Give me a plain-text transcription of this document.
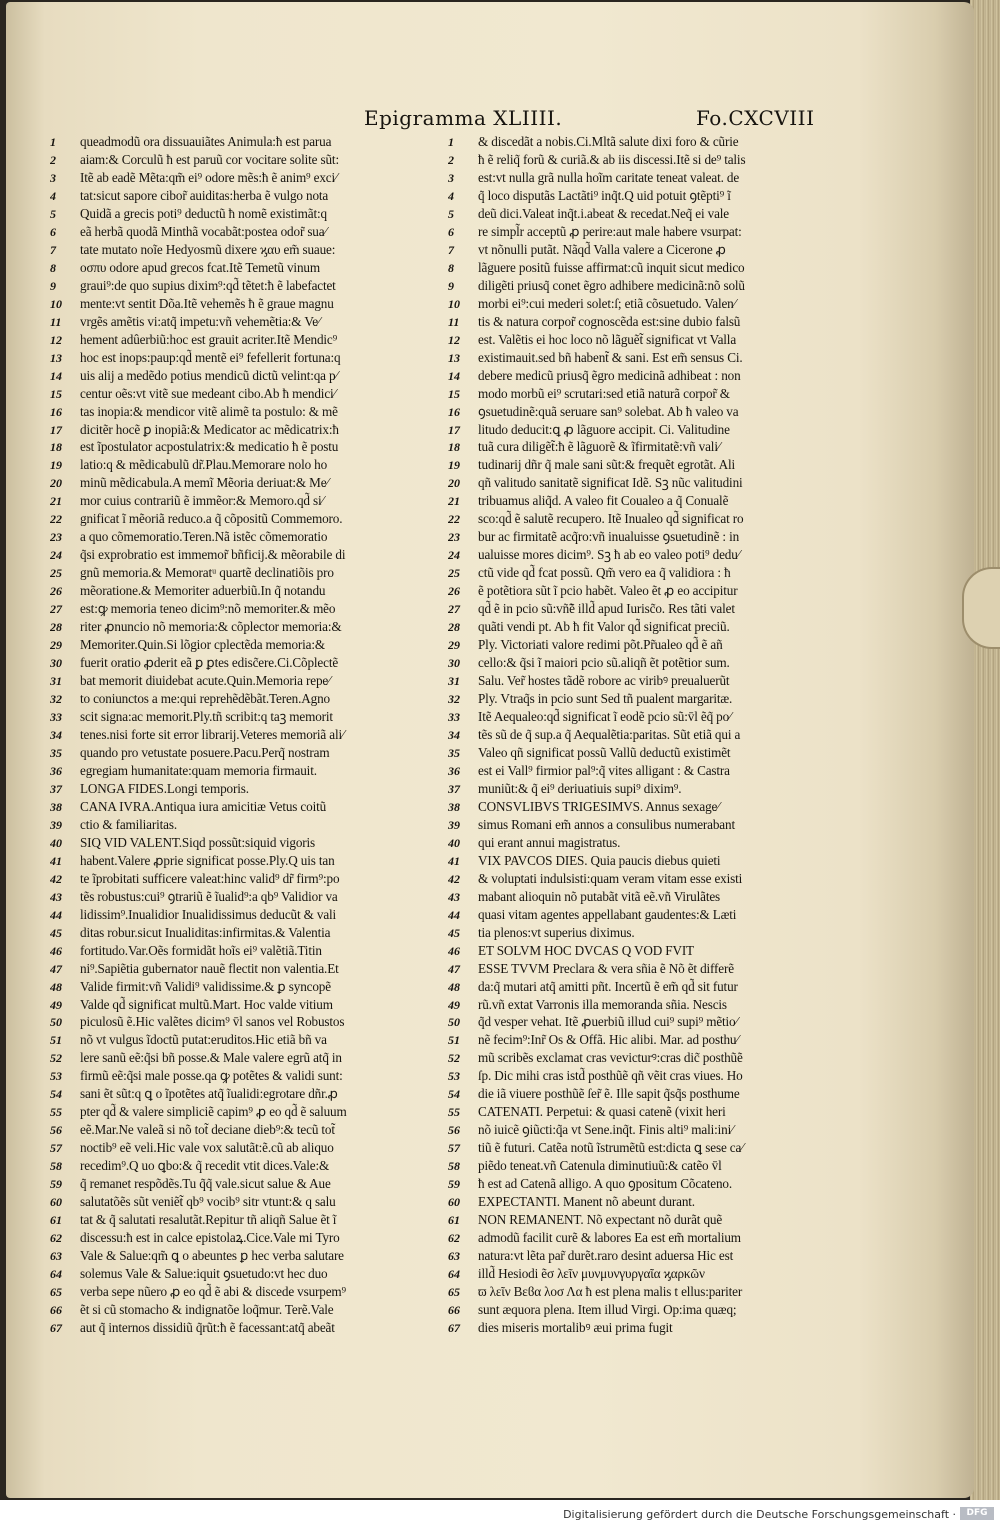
Epigramma XLIIII.	Fo.CXCVIII
1	queadmodũ ora dissuauiãtes Animula:ħ est parua
2	aiam:& Corculũ ħ est paruũ cor vocitare solite sũt:
3	Itẽ ab eadẽ Mẽta:qm̃ ei⁹ odore mẽs:ħ ẽ anim⁹ exci⁄
4	tat:sicut sapore cibor̃ auiditas:herba ẽ vulgo nota
5	Quidã a grecis poti⁹ deductũ ħ nomẽ existimãt:q
6	eã herbã quodã Minthã vocabãt:postea odor̃ sua⁄
7	tate mutato noĩe Hedyosmũ dixere ϗαυ em̃ suaue:
8	οσπυ odore apud grecos fcat.Itẽ Temetũ vinum
9	graui⁹:de quo supius dixim⁹:qd̃ tẽtet:ħ ẽ labefactet
10	mente:vt sentit Dõa.Itẽ vehemẽs ħ ẽ graue magnu
11	vrgẽs amẽtis vi:atq̃ impetu:vñ vehemẽtia:& Ve⁄
12	hement adûerbiũ:hoc est grauit acriter.Itẽ Mendic⁹
13	hoc est inops:paup:qd̃ mentẽ ei⁹ fefellerit fortuna:q
14	uis alij a medẽdo potius mendicũ dictũ velint:qa p⁄
15	centur oẽs:vt vitẽ sue medeant cibo.Ab ħ mendici⁄
16	tas inopia:& mendicor vitẽ alimẽ ta postulo: & mẽ
17	dicitẽr hocẽ ꝑ inopiã:& Medicator ac mẽdicatrix:ħ
18	est ĩpostulator acpostulatrix:& medicatio ħ ẽ postu
19	latio:q & mẽdicabulũ dr̃.Plau.Memorare nolo ho
20	minũ mẽdicabula.A memĩ Mẽoria deriuat:& Me⁄
21	mor cuius contrariũ ẽ immẽor:& Memoro.qd̃ si⁄
22	gnificat ĩ mẽoriã reduco.a q̃ cõpositũ Commemoro.
23	a quo cõmemoratio.Teren.Nã istẽc cõmemoratio
24	q̃si exprobratio est immemor̃ bñficij.& mẽorabile di
25	gnũ memoria.& Memoratᵘ quartẽ declinatiõis pro
26	mẽoratione.& Memoriter aduerbiũ.In q̃ notandu
27	est:ꝙ memoria teneo dicim⁹:nõ memoriter.& mẽo
28	riter ꝓnuncio nõ memoria:& cõplector memoria:&
29	Memoriter.Quin.Si lõgior cplectẽda memoria:&
30	fuerit oratio ꝓderit eã ꝑ ꝑtes edisc̃ere.Ci.Cõplectẽ
31	bat memorit diuidebat acute.Quin.Memoria repe⁄
32	to coniunctos a me:qui reprehẽdẽbãt.Teren.Agno
33	scit signa:ac memorit.Ply.tñ scribit:q taꝫ memorit
34	tenes.nisi forte sit error librarij.Veteres memoriã ali⁄
35	quando pro vetustate posuere.Pacu.Perq̃ nostram
36	egregiam humanitate:quam memoria firmauit.
37	LONGA FIDES.Longi temporis.
38	CANA IVRA.Antiqua iura amicitiæ Vetus coitũ
39	ctio & familiaritas.
40	SIQ VID VALENT.Siqd possũt:siquid vigoris
41	habent.Valere ꝓprie significat posse.Ply.Q uis tan
42	te ĩprobitati sufficere valeat:hinc valid⁹ dr̃ firm⁹:po
43	tẽs robustus:cui⁹ ꝯtrariũ ẽ ĩualid⁹:a qb⁹ Validior va
44	lidissim⁹.Inualidior Inualidissimus deducũt & vali
45	ditas robur.sicut Inualiditas:infirmitas.& Valentia
46	fortitudo.Var.Oẽs formidãt hoĩs ei⁹ valẽtiã.Titin
47	ni⁹.Sapiẽtia gubernator nauẽ flectit non valentia.Et
48	Valide firmit:vñ Validi⁹ validissime.& ꝑ syncopẽ
49	Valde qd̃ significat multũ.Mart. Hoc valde vitium
50	piculosũ ẽ.Hic valẽtes dicim⁹ v̄l sanos vel Robustos
51	nõ vt vulgus ĩdoctũ putat:eruditos.Hic etiã bñ va
52	lere sanũ eẽ:q̃si bñ posse.& Male valere egrũ atq̃ in
53	firmũ eẽ:q̃si male posse.qa ꝙ potẽtes & validi sunt:
54	sani ẽt sũt:q ꝗ o ĩpotẽtes atq̃ ĩualidi:egrotare dñr.ꝓ
55	pter qd̃ & valere simpliciẽ capim⁹ ꝓ eo qd̃ ẽ saluum
56	eẽ.Mar.Ne valeã si nõ tot̃ deciane dieb⁹:& tecũ tot̃
57	noctib⁹ eẽ veli.Hic vale vox salutãt:ẽ.cũ ab aliquo
58	recedim⁹.Q uo ꝗbo:& q̃ recedit vtit dices.Vale:&
59	q̃ remanet respõdẽs.Tu q̃q̃ vale.sicut salue & Aue
60	salutatõẽs sũt veniẽt̃ qb⁹ vocib⁹ sitr vtunt:& q salu
61	tat & q̃ salutati resalutãt.Repitur tñ aliqñ Salue ẽt ĩ
62	discessu:ħ est in calce epistolaꝝ.Cice.Vale mi Tyro
63	Vale & Salue:qm̃ ꝗ o abeuntes ꝑ hec verba salutare
64	solemus Vale & Salue:iquit ꝯsuetudo:vt hec duo
65	verba sepe nũero ꝓ eo qd̃ ẽ abi & discede vsurpem⁹
66	ẽt si cũ stomacho & indignatõe loq̃mur. Terẽ.Vale
67	aut q̃ internos dissidiũ q̃rũt:ħ ẽ facessant:atq̃ abeãt
1	& discedãt a nobis.Ci.Mltã salute dixi foro & cũrie
2	ħ ẽ reliq̃ forũ & curiã.& ab iis discessi.Itẽ si de⁹ talis
3	est:vt nulla grã nulla hoĩm caritate teneat valeat. de
4	q̃ loco disputãs Lactãti⁹ inq̃t.Q uid potuit ꝯtẽpti⁹ ĩ
5	deũ dici.Valeat inq̃t.i.abeat & recedat.Neq̃ ei vale
6	re simpl̃r acceptũ ꝓ perire:aut male habere vsurpat:
7	vt nõnulli putãt. Nãqd̃ Valla valere a Cicerone ꝓ
8	lãguere positũ fuisse affirmat:cũ inquit sicut medico
9	diligẽti priusq̃ conet ẽgro adhibere medicinã:nõ solũ
10	morbi ei⁹:cui mederi solet:ſ; etiã cõsuetudo. Valen⁄
11	tis & natura corpor̃ cognoscẽda est:sine dubio falsũ
12	est. Valẽtis ei hoc loco nõ lãguẽt̃ significat vt Valla
13	existimauit.sed bñ habent̃ & sani. Est em̃ sensus Ci.
14	debere medicũ priusq̃ ẽgro medicinã adhibeat : non
15	modo morbũ ei⁹ scrutari:sed etiã naturã corpor̃ &
16	ꝯsuetudinẽ:quã seruare san⁹ solebat. Ab ħ valeo va
17	litudo deducit:ꝗ ꝓ lãguore accipit. Ci. Valitudine
18	tuã cura diligẽt̃:ħ ẽ lãguorẽ & ĩfirmitatẽ:vñ vali⁄
19	tudinarij dñr q̃ male sani sũt:& frequẽt egrotãt. Ali
20	qñ valitudo sanitatẽ significat Idẽ. Sꝫ nũc valitudini
21	tribuamus aliq̃d. A valeo fit Coualeo a q̃ Conualẽ
22	sco:qd̃ ẽ salutẽ recupero. Itẽ Inualeo qd̃ significat ro
23	bur ac firmitatẽ acq̃ro:vñ inualuisse ꝯsuetudinẽ : in
24	ualuisse mores dicim⁹. Sꝫ ħ ab eo valeo poti⁹ dedu⁄
25	ctũ vide qd̃ fcat possũ. Qm̃ vero ea q̃ validiora : ħ
26	ẽ potẽtiora sũt ĩ pcio habẽt. Valeo ẽt ꝓ eo accipitur
27	qd̃ ẽ in pcio sũ:vñ̃ẽ illd̃ apud Iurisc̃o. Res tãti valet
28	quãti vendi pt. Ab ħ fit Valor qd̃ significat preciũ.
29	Ply. Victoriati valore redimi põt.Pr̃ualeo qd̃ ẽ añ
30	cello:& q̃si ĩ maiori pcio sũ.aliqñ ẽt potẽtior sum.
31	Salu. Ver̃ hostes tãdẽ robore ac viribꝰ preualuerũt
32	Ply. Vtraq̃s in pcio sunt Sed tñ pualent margaritæ.
33	Itẽ Aequaleo:qd̃ significat ĩ eodẽ pcio sũ:v̄l ẽq̃ po⁄
34	tẽs sũ de q̃ sup.a q̃ Aequalẽtia:paritas. Sũt etiã qui a
35	Valeo qñ significat possũ Vallũ deductũ existimẽt
36	est ei Vall⁹ firmior pal⁹:q̃ vites alligant : & Castra
37	muniũt:& q̃ ei⁹ deriuatiuis supi⁹ dixim⁹.
38	CONSVLIBVS TRIGESIMVS. Annus sexage⁄
39	simus Romani em̃ annos a consulibus numerabant
40	qui erant annui magistratus.
41	VIX PAVCOS DIES. Quia paucis diebus quieti
42	& voluptati indulsisti:quam veram vitam esse existi
43	mabant alioquin nõ putabãt vitã eẽ.vñ Virulãtes
44	quasi vitam agentes appellabant gaudentes:& Læti
45	tia plenos:vt superius diximus.
46	ET SOLVM HOC DVCAS Q VOD FVIT
47	ESSE TVVM Preclara & vera sñia ẽ Nõ ẽt differẽ
48	da:q̃ mutari atq̃ amitti pñt. Incertũ ẽ em̃ qd̃ sit futur
49	rũ.vñ extat Varronis illa memoranda sñia. Nescis
50	q̃d vesper vehat. Itẽ ꝓuerbiũ illud cui⁹ supi⁹ mẽtio⁄
51	nẽ fecim⁹:Inr̃ Os & Offã. Hic alibi. Mar. ad posthu⁄
52	mũ scribẽs exclamat cras vevicturꝰ:cras dic̃ posthũẽ
53	ſp. Dic mihi cras istd̃ posthũẽ qñ vẽit cras viues. Ho
54	die iã viuere posthũẽ ſer̃ ẽ. Ille sapit q̃sq̃s posthume
55	CATENATI. Perpetui: & quasi catenẽ (vixit heri
56	nõ iuicẽ ꝯiũcti:q̃a vt Sene.inq̃t. Finis alti⁹ mali:ini⁄
57	tiũ ẽ futuri. Catẽa notũ ĩstrumẽtũ est:dicta ꝗ sese ca⁄
58	piẽdo teneat.vñ Catenula diminutiuũ:& catẽo v̄l
59	ħ est ad Catenã alligo. A quo ꝯpositum Cõcateno.
60	EXPECTANTI. Manent nõ abeunt durant.
61	NON REMANENT. Nõ expectant nõ durãt quẽ
62	admodũ facilit curẽ & labores Ea est em̃ mortalium
63	natura:vt lẽta par̃ durẽt.raro desint aduersa Hic est
64	illd̃ Hesiodi ẽσ λεῖν μυνμυνγυργαῖα ϗαρκῶν
65	ϖ λεῖν Βεϐα λοσ Λα ħ est plena malis t ellus:pariter
66	sunt æquora plena. Item illud Virgi. Op:ima quæq;
67	dies miseris mortalibꝰ æui prima fugit
Digitalisierung gefördert durch die Deutsche Forschungsgemeinschaft ·	DFG
